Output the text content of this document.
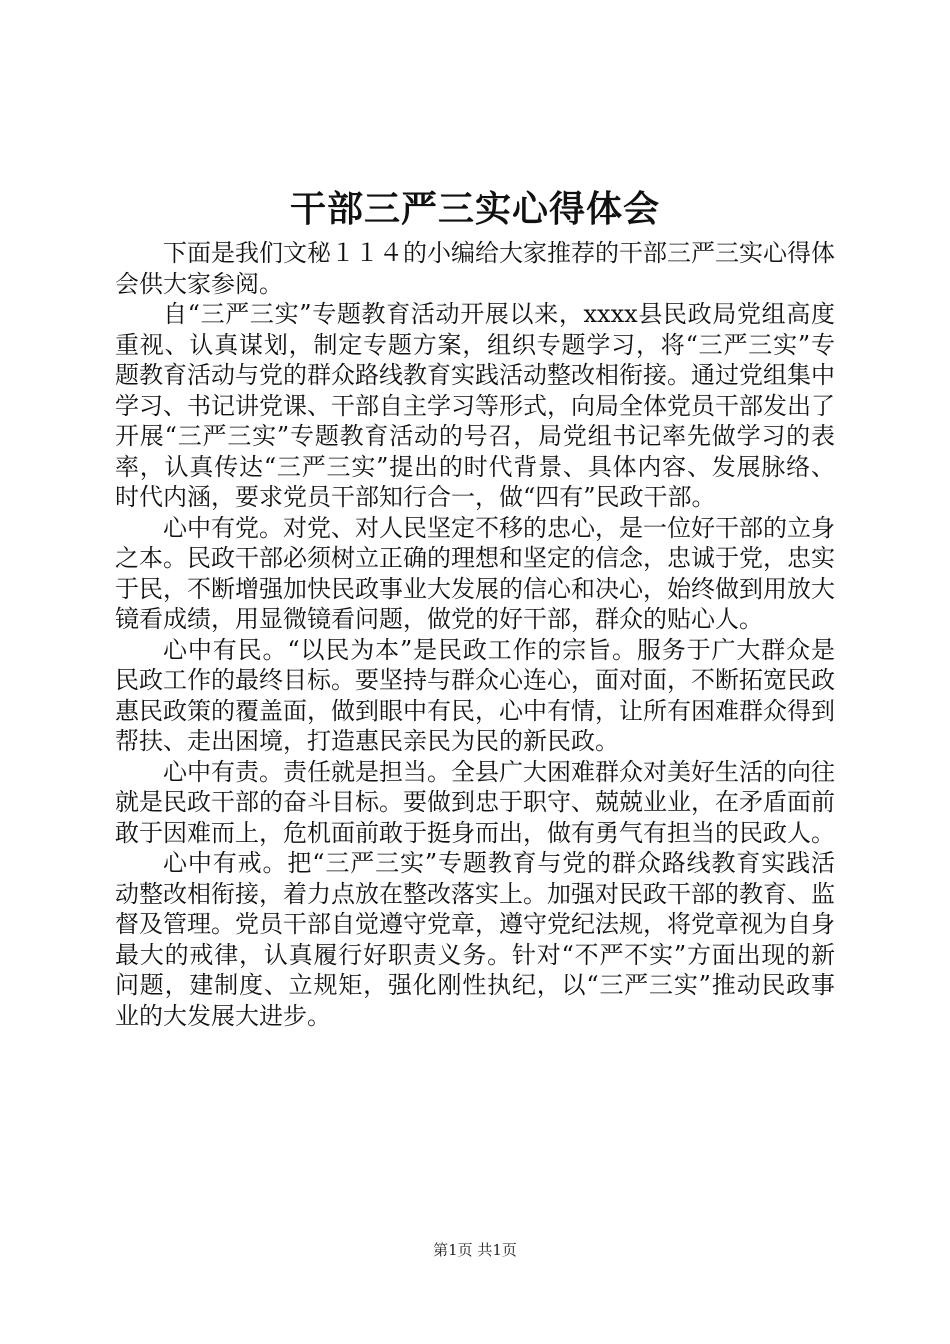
干部三严三实心得体会

下面是我们文秘１１４的小编给大家推荐的干部三严三实心得体会供大家参阅。

自“三严三实”专题教育活动开展以来，xxxx县民政局党组高度重视、认真谋划，制定专题方案，组织专题学习，将“三严三实”专题教育活动与党的群众路线教育实践活动整改相衔接。通过党组集中学习、书记讲党课、干部自主学习等形式，向局全体党员干部发出了开展“三严三实”专题教育活动的号召，局党组书记率先做学习的表率，认真传达“三严三实”提出的时代背景、具体内容、发展脉络、时代内涵，要求党员干部知行合一，做“四有”民政干部。

心中有党。对党、对人民坚定不移的忠心，是一位好干部的立身之本。民政干部必须树立正确的理想和坚定的信念，忠诚于党，忠实于民，不断增强加快民政事业大发展的信心和决心，始终做到用放大镜看成绩，用显微镜看问题，做党的好干部，群众的贴心人。

心中有民。“以民为本”是民政工作的宗旨。服务于广大群众是民政工作的最终目标。要坚持与群众心连心，面对面，不断拓宽民政惠民政策的覆盖面，做到眼中有民，心中有情，让所有困难群众得到帮扶、走出困境，打造惠民亲民为民的新民政。

心中有责。责任就是担当。全县广大困难群众对美好生活的向往就是民政干部的奋斗目标。要做到忠于职守、兢兢业业，在矛盾面前敢于因难而上，危机面前敢于挺身而出，做有勇气有担当的民政人。

心中有戒。把“三严三实”专题教育与党的群众路线教育实践活动整改相衔接，着力点放在整改落实上。加强对民政干部的教育、监督及管理。党员干部自觉遵守党章，遵守党纪法规，将党章视为自身最大的戒律，认真履行好职责义务。针对“不严不实”方面出现的新问题，建制度、立规矩，强化刚性执纪，以“三严三实”推动民政事业的大发展大进步。

第1页 共1页
